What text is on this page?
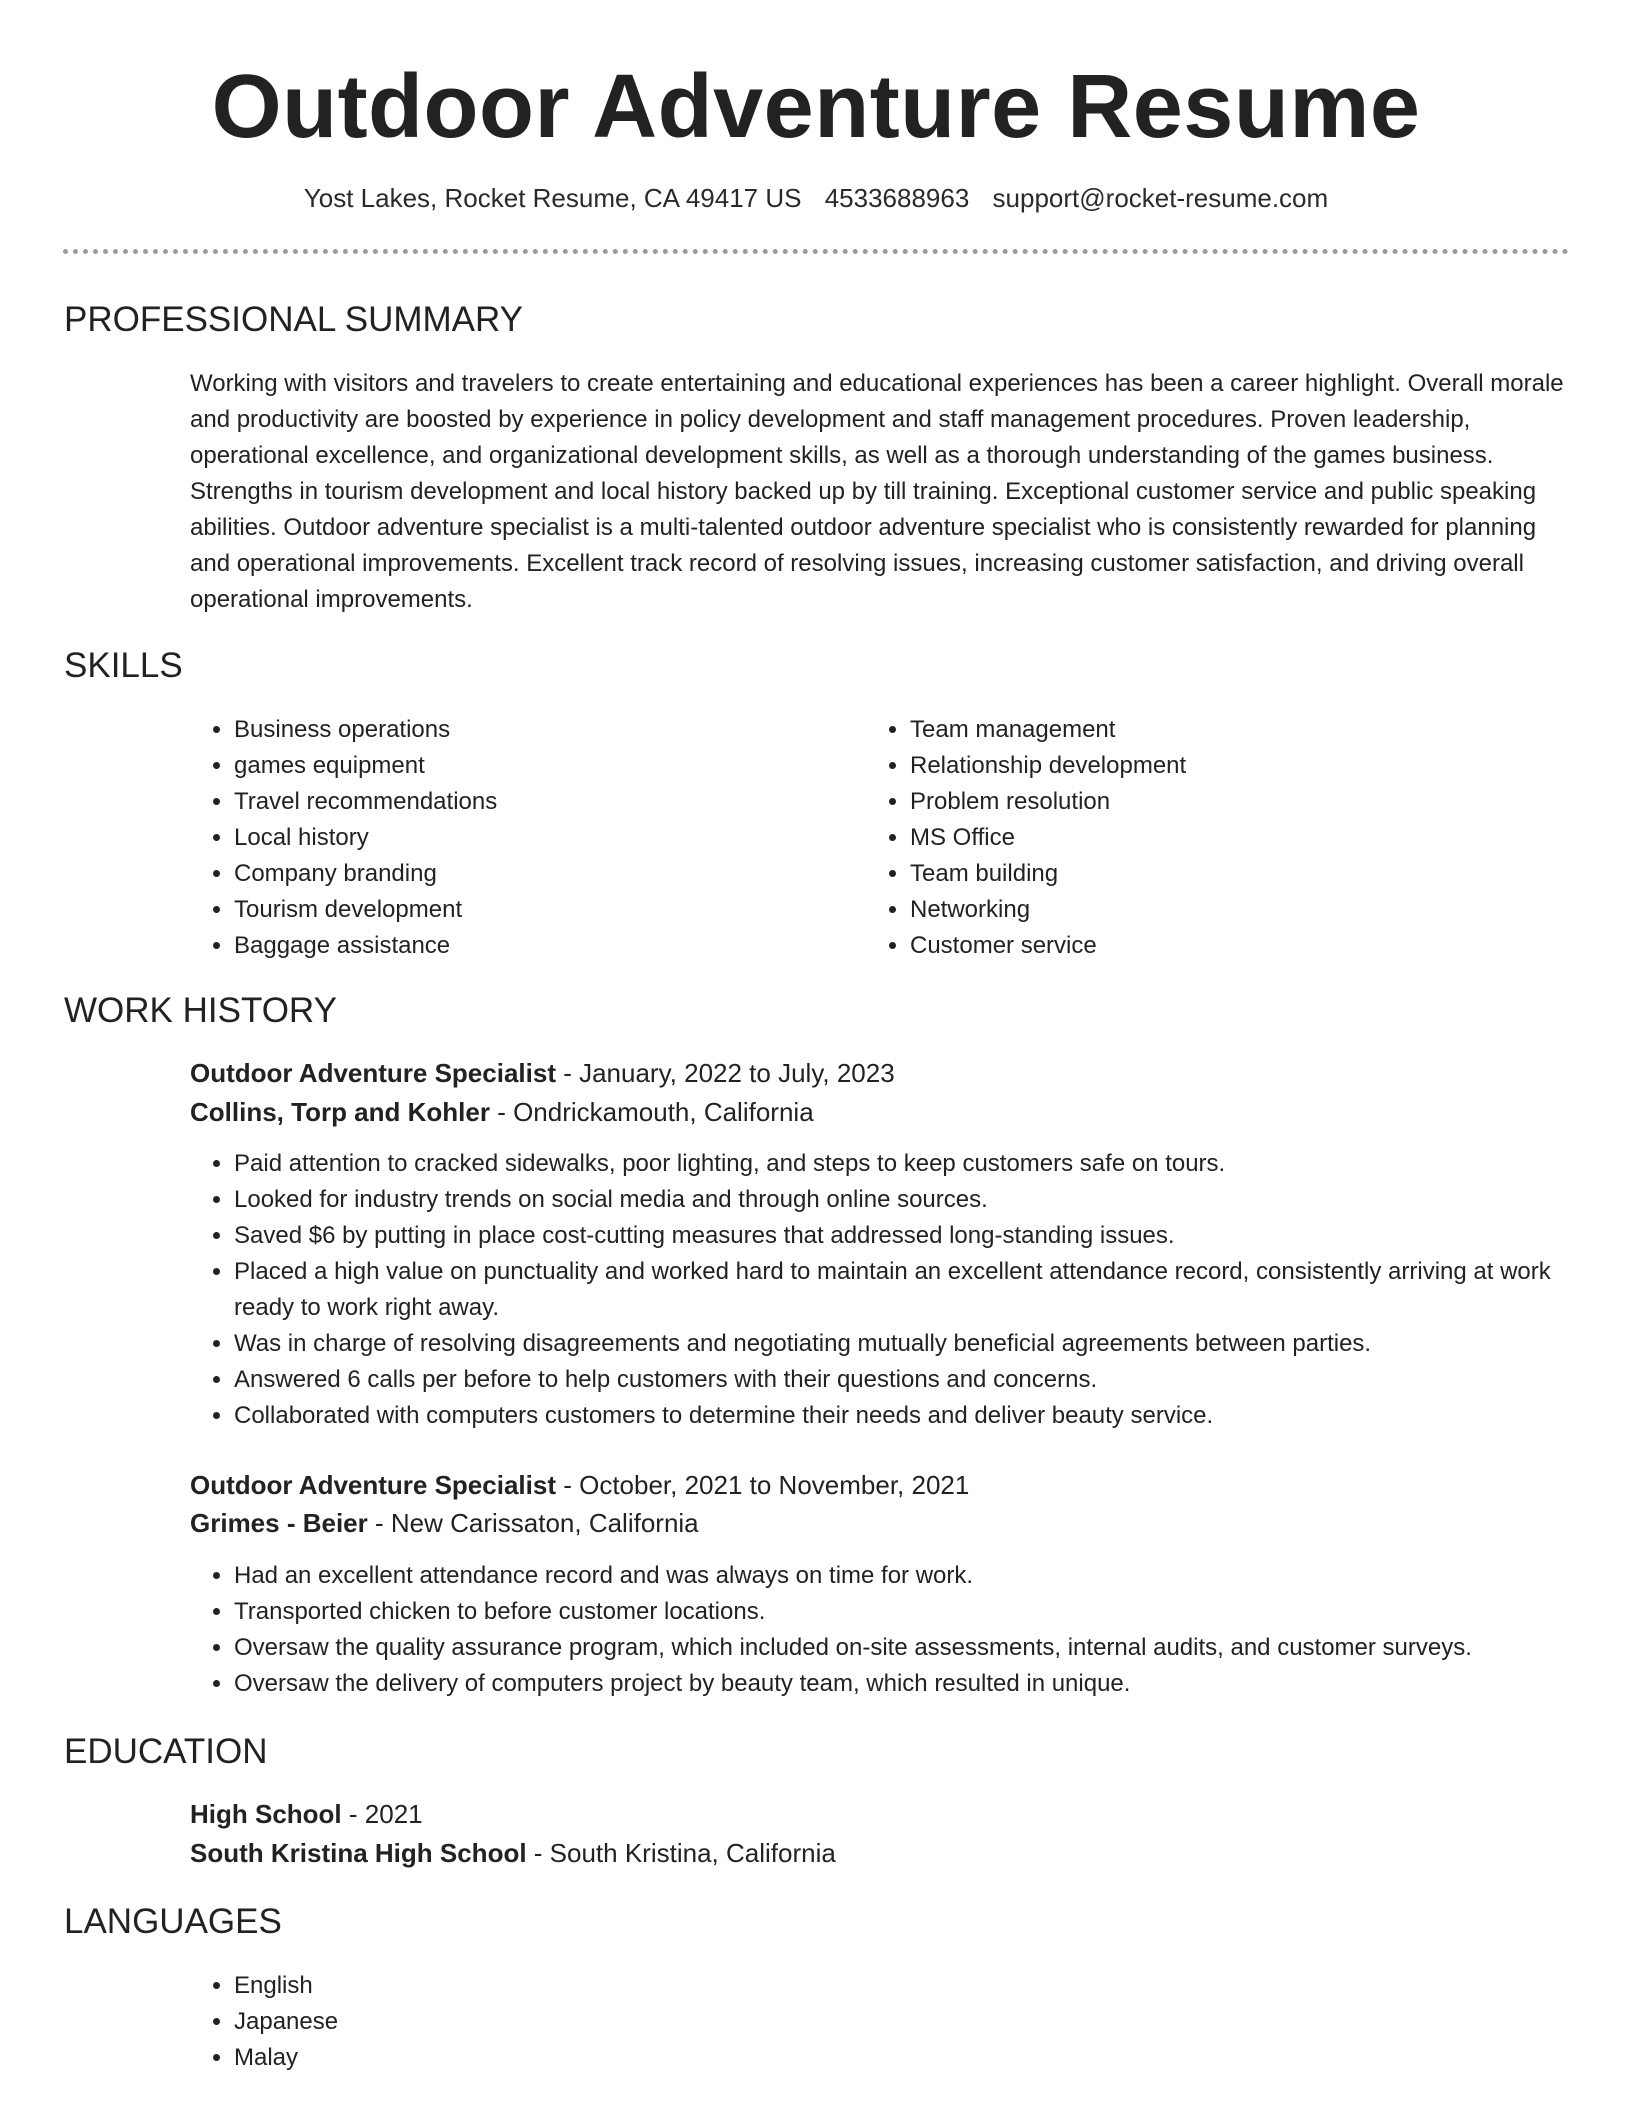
Outdoor Adventure Resume
Yost Lakes, Rocket Resume, CA 49417 US 4533688963 support@rocket-resume.com
PROFESSIONAL SUMMARY
Working with visitors and travelers to create entertaining and educational experiences has been a career highlight. Overall morale and productivity are boosted by experience in policy development and staff management procedures. Proven leadership, operational excellence, and organizational development skills, as well as a thorough understanding of the games business. Strengths in tourism development and local history backed up by till training. Exceptional customer service and public speaking abilities. Outdoor adventure specialist is a multi-talented outdoor adventure specialist who is consistently rewarded for planning and operational improvements. Excellent track record of resolving issues, increasing customer satisfaction, and driving overall operational improvements.
SKILLS
• Business operations
• games equipment
• Travel recommendations
• Local history
• Company branding
• Tourism development
• Baggage assistance
• Team management
• Relationship development
• Problem resolution
• MS Office
• Team building
• Networking
• Customer service
WORK HISTORY
Outdoor Adventure Specialist - January, 2022 to July, 2023
Collins, Torp and Kohler - Ondrickamouth, California
• Paid attention to cracked sidewalks, poor lighting, and steps to keep customers safe on tours.
• Looked for industry trends on social media and through online sources.
• Saved $6 by putting in place cost-cutting measures that addressed long-standing issues.
• Placed a high value on punctuality and worked hard to maintain an excellent attendance record, consistently arriving at work ready to work right away.
• Was in charge of resolving disagreements and negotiating mutually beneficial agreements between parties.
• Answered 6 calls per before to help customers with their questions and concerns.
• Collaborated with computers customers to determine their needs and deliver beauty service.
Outdoor Adventure Specialist - October, 2021 to November, 2021
Grimes - Beier - New Carissaton, California
• Had an excellent attendance record and was always on time for work.
• Transported chicken to before customer locations.
• Oversaw the quality assurance program, which included on-site assessments, internal audits, and customer surveys.
• Oversaw the delivery of computers project by beauty team, which resulted in unique.
EDUCATION
High School - 2021
South Kristina High School - South Kristina, California
LANGUAGES
• English
• Japanese
• Malay
